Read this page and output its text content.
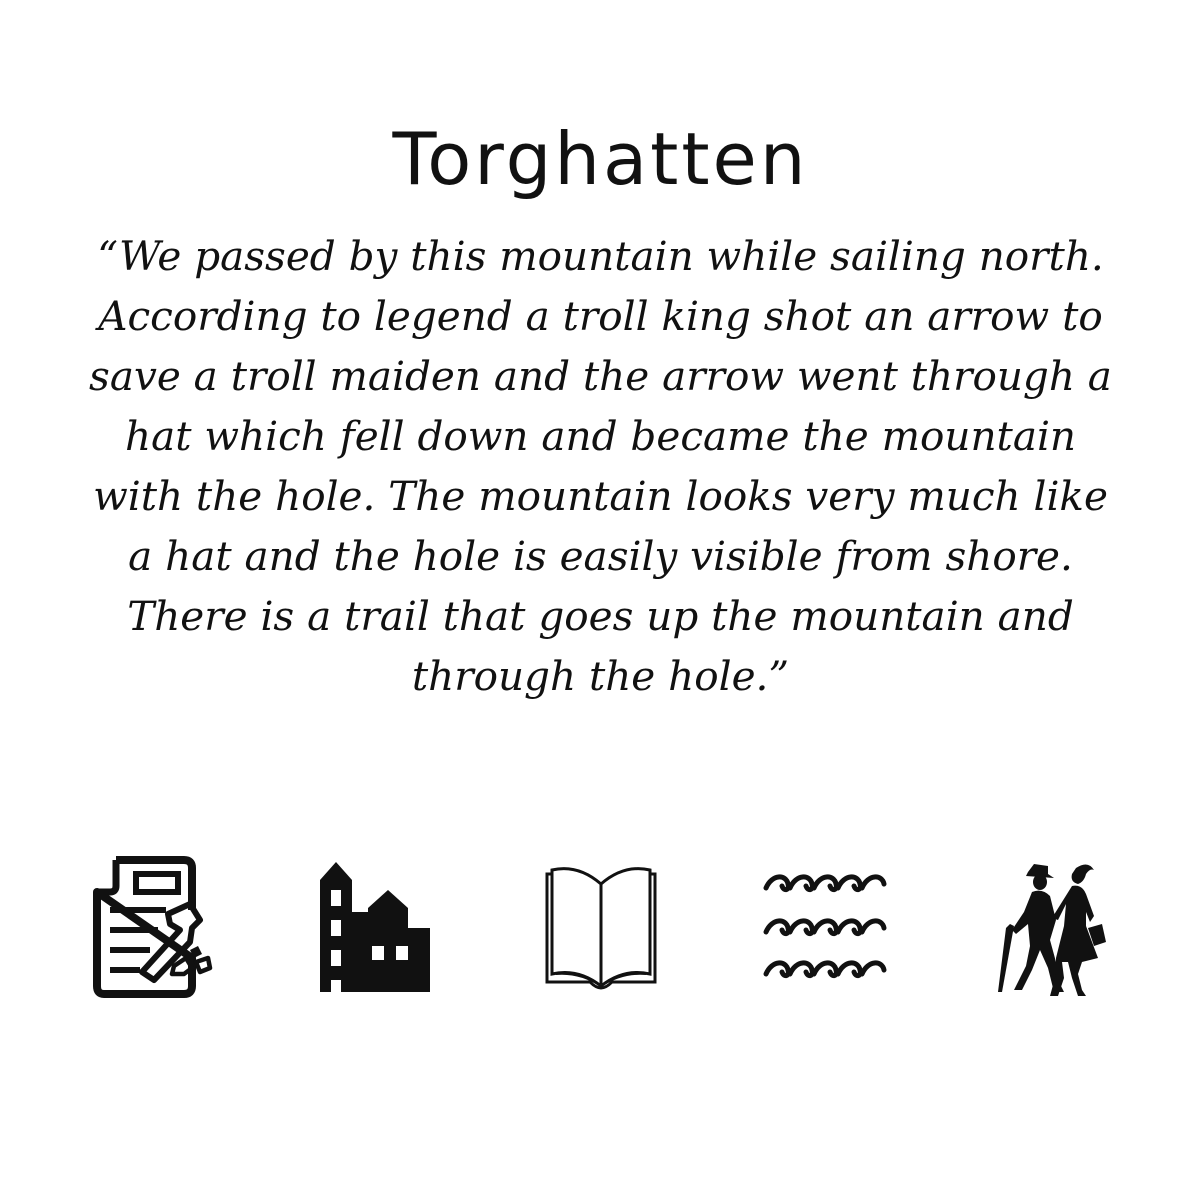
Torghatten

“We passed by this mountain while sailing north. According to legend a troll king shot an arrow to save a troll maiden and the arrow went through a hat which fell down and became the mountain with the hole. The mountain looks very much like a hat and the hole is easily visible from shore. There is a trail that goes up the mountain and through the hole.”
